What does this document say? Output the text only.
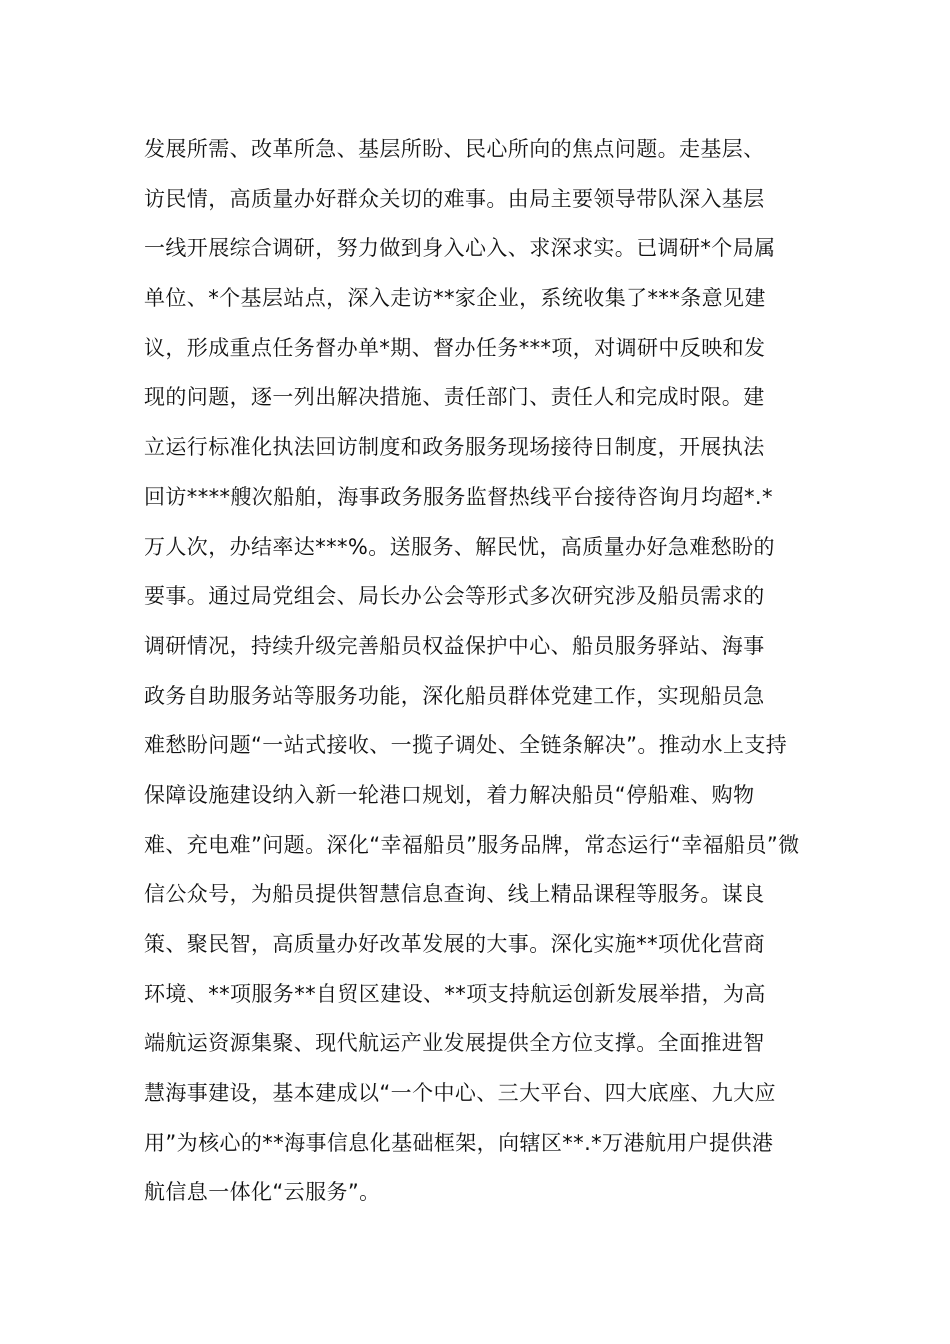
发展所需、改革所急、基层所盼、民心所向的焦点问题。走基层、
访民情，高质量办好群众关切的难事。由局主要领导带队深入基层
一线开展综合调研，努力做到身入心入、求深求实。已调研*个局属
单位、*个基层站点，深入走访**家企业，系统收集了***条意见建
议，形成重点任务督办单*期、督办任务***项，对调研中反映和发
现的问题，逐一列出解决措施、责任部门、责任人和完成时限。建
立运行标准化执法回访制度和政务服务现场接待日制度，开展执法
回访****艘次船舶，海事政务服务监督热线平台接待咨询月均超*.*
万人次，办结率达***%。送服务、解民忧，高质量办好急难愁盼的
要事。通过局党组会、局长办公会等形式多次研究涉及船员需求的
调研情况，持续升级完善船员权益保护中心、船员服务驿站、海事
政务自助服务站等服务功能，深化船员群体党建工作，实现船员急
难愁盼问题“一站式接收、一揽子调处、全链条解决”。推动水上支持
保障设施建设纳入新一轮港口规划，着力解决船员“停船难、购物
难、充电难”问题。深化“幸福船员”服务品牌，常态运行“幸福船员”微
信公众号，为船员提供智慧信息查询、线上精品课程等服务。谋良
策、聚民智，高质量办好改革发展的大事。深化实施**项优化营商
环境、**项服务**自贸区建设、**项支持航运创新发展举措，为高
端航运资源集聚、现代航运产业发展提供全方位支撑。全面推进智
慧海事建设，基本建成以“一个中心、三大平台、四大底座、九大应
用”为核心的**海事信息化基础框架，向辖区**.*万港航用户提供港
航信息一体化“云服务”。
